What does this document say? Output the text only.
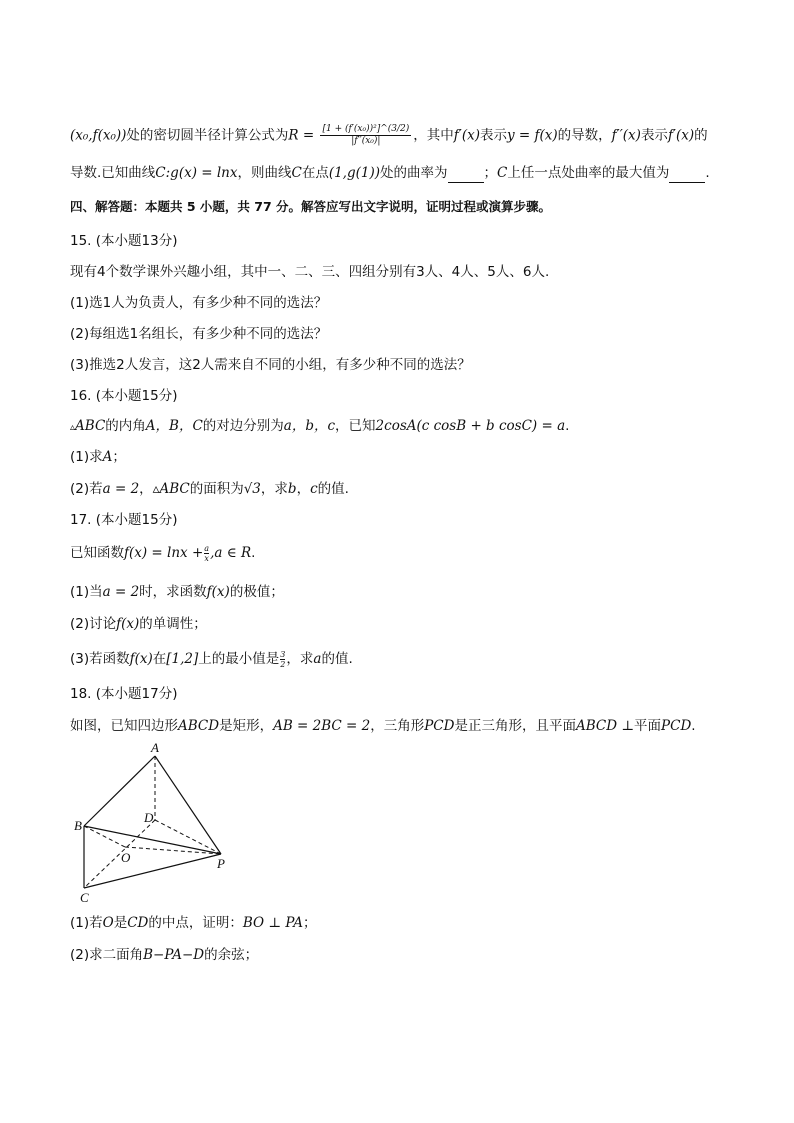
(x₀,f(x₀))处的密切圆半径计算公式为$R = \frac{\text{[1 + (f′(x₀))²]\textasciicircum{}(3/2)}}{\text{|f′′(x₀)|}}$ ，其中f′(x)表示y = f(x)的导数，f′′(x)表示f′(x)的
导数.已知曲线C:g(x) = lnx，则曲线C在点(1,g(1))处的曲率为	；C上任一点处曲率的最大值为	.
四、解答题：本题共 5 小题，共 77 分。解答应写出文字说明，证明过程或演算步骤。
15. (本小题13分)
现有4个数学课外兴趣小组，其中一、二、三、四组分别有3人、4人、5人、6人.
(1)选1人为负责人，有多少种不同的选法？
(2)每组选1名组长，有多少种不同的选法？
(3)推选2人发言，这2人需来自不同的小组，有多少种不同的选法？
16. (本小题15分)
▵ABC的内角A，B，C的对边分别为a，b，c，已知2cosA(c cosB + b cosC) = a.
(1)求A；
(2)若a = 2，▵ABC的面积为√3，求b，c的值.
17. (本小题15分)
已知函数$f(x) = \ln x + \frac{a}{x},a$ ∈ R.
(1)当a = 2时，求函数f(x)的极值；
(2)讨论f(x)的单调性；
(3)若函数f(x)在[1,2]上的最小值是 $\frac{3}{2}$，求a的值.
18. (本小题17分)
如图，已知四边形ABCD是矩形，AB = 2BC = 2，三角形PCD是正三角形，且平面ABCD ⊥平面PCD.
A
B
C
D
O	P
(1)若O是CD的中点，证明：BO ⊥ PA；
(2)求二面角B−PA−D的余弦；
